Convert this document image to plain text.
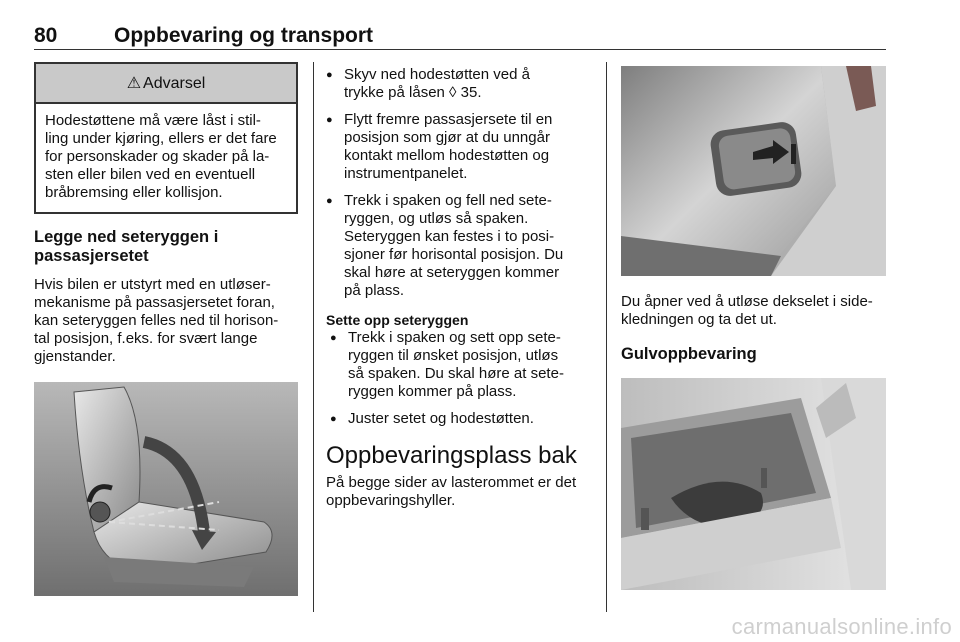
80	Oppbevaring og transport
⚠ Advarsel
Hodestøttene må være låst i stil-
ling under kjøring, ellers er det fare
for personskader og skader på la-
sten eller bilen ved en eventuell
bråbremsing eller kollisjon.
Legge ned seteryggen i
passasjersetet

Hvis bilen er utstyrt med en utløser-
mekanisme på passasjersetet foran,
kan seteryggen felles ned til horison-
tal posisjon, f.eks. for svært lange
gjenstander.

● Skyv ned hodestøtten ved å
trykke på låsen ◊ 35.
● Flytt fremre passasjersete til en
posisjon som gjør at du unngår
kontakt mellom hodestøtten og
instrumentpanelet.
● Trekk i spaken og fell ned sete-
ryggen, og utløs så spaken.
Seteryggen kan festes i to posi-
sjoner før horisontal posisjon. Du
skal høre at seteryggen kommer
på plass.
Sette opp seteryggen
● Trekk i spaken og sett opp sete-
ryggen til ønsket posisjon, utløs
så spaken. Du skal høre at sete-
ryggen kommer på plass.
● Juster setet og hodestøtten.
Oppbevaringsplass bak

På begge sider av lasterommet er det
oppbevaringshyller.

Du åpner ved å utløse dekselet i side-
kledningen og ta det ut.

Gulvoppbevaring
carmanualsonline.info
